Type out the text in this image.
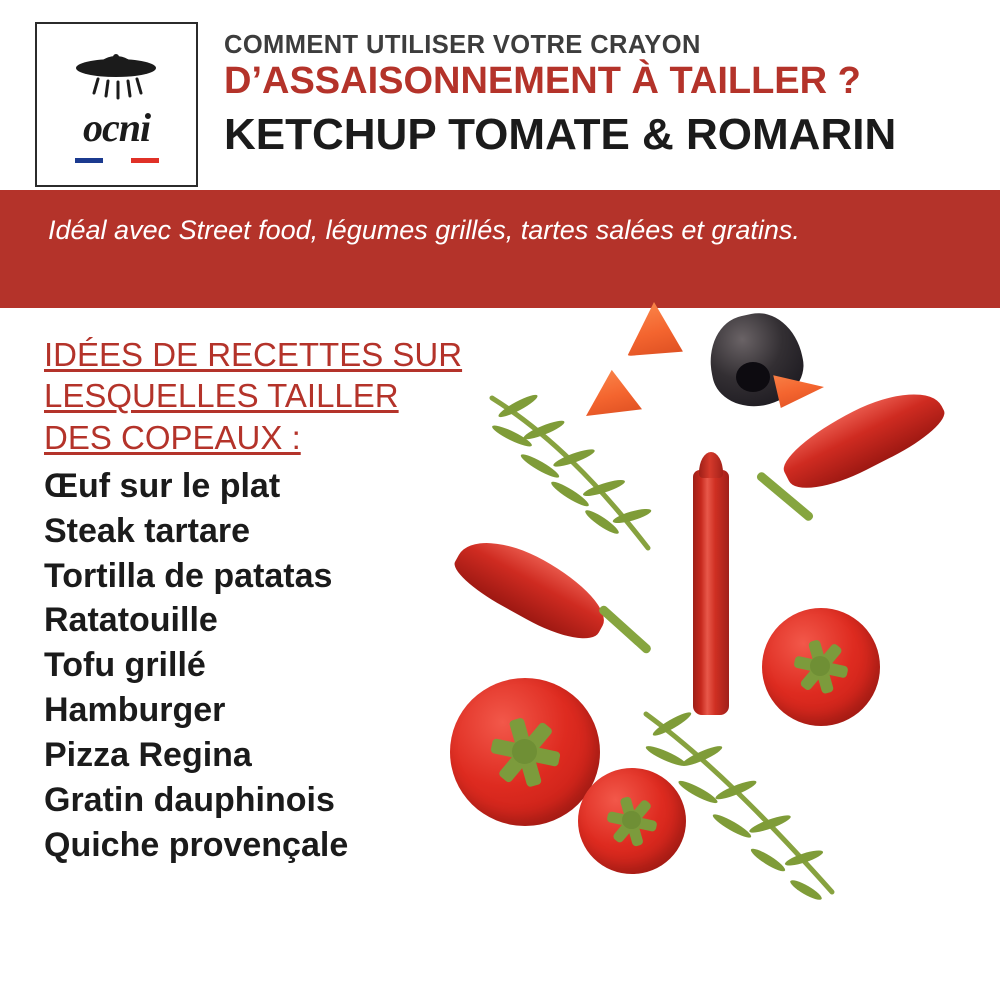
ocni
COMMENT UTILISER VOTRE CRAYON
D’ASSAISONNEMENT À TAILLER ?
KETCHUP TOMATE & ROMARIN
Idéal avec Street food, légumes grillés, tartes salées et gratins.
IDÉES DE RECETTES SUR
LESQUELLES TAILLER
DES COPEAUX :
Œuf sur le plat
Steak tartare
Tortilla de patatas
Ratatouille
Tofu grillé
Hamburger
Pizza Regina
Gratin dauphinois
Quiche provençale
